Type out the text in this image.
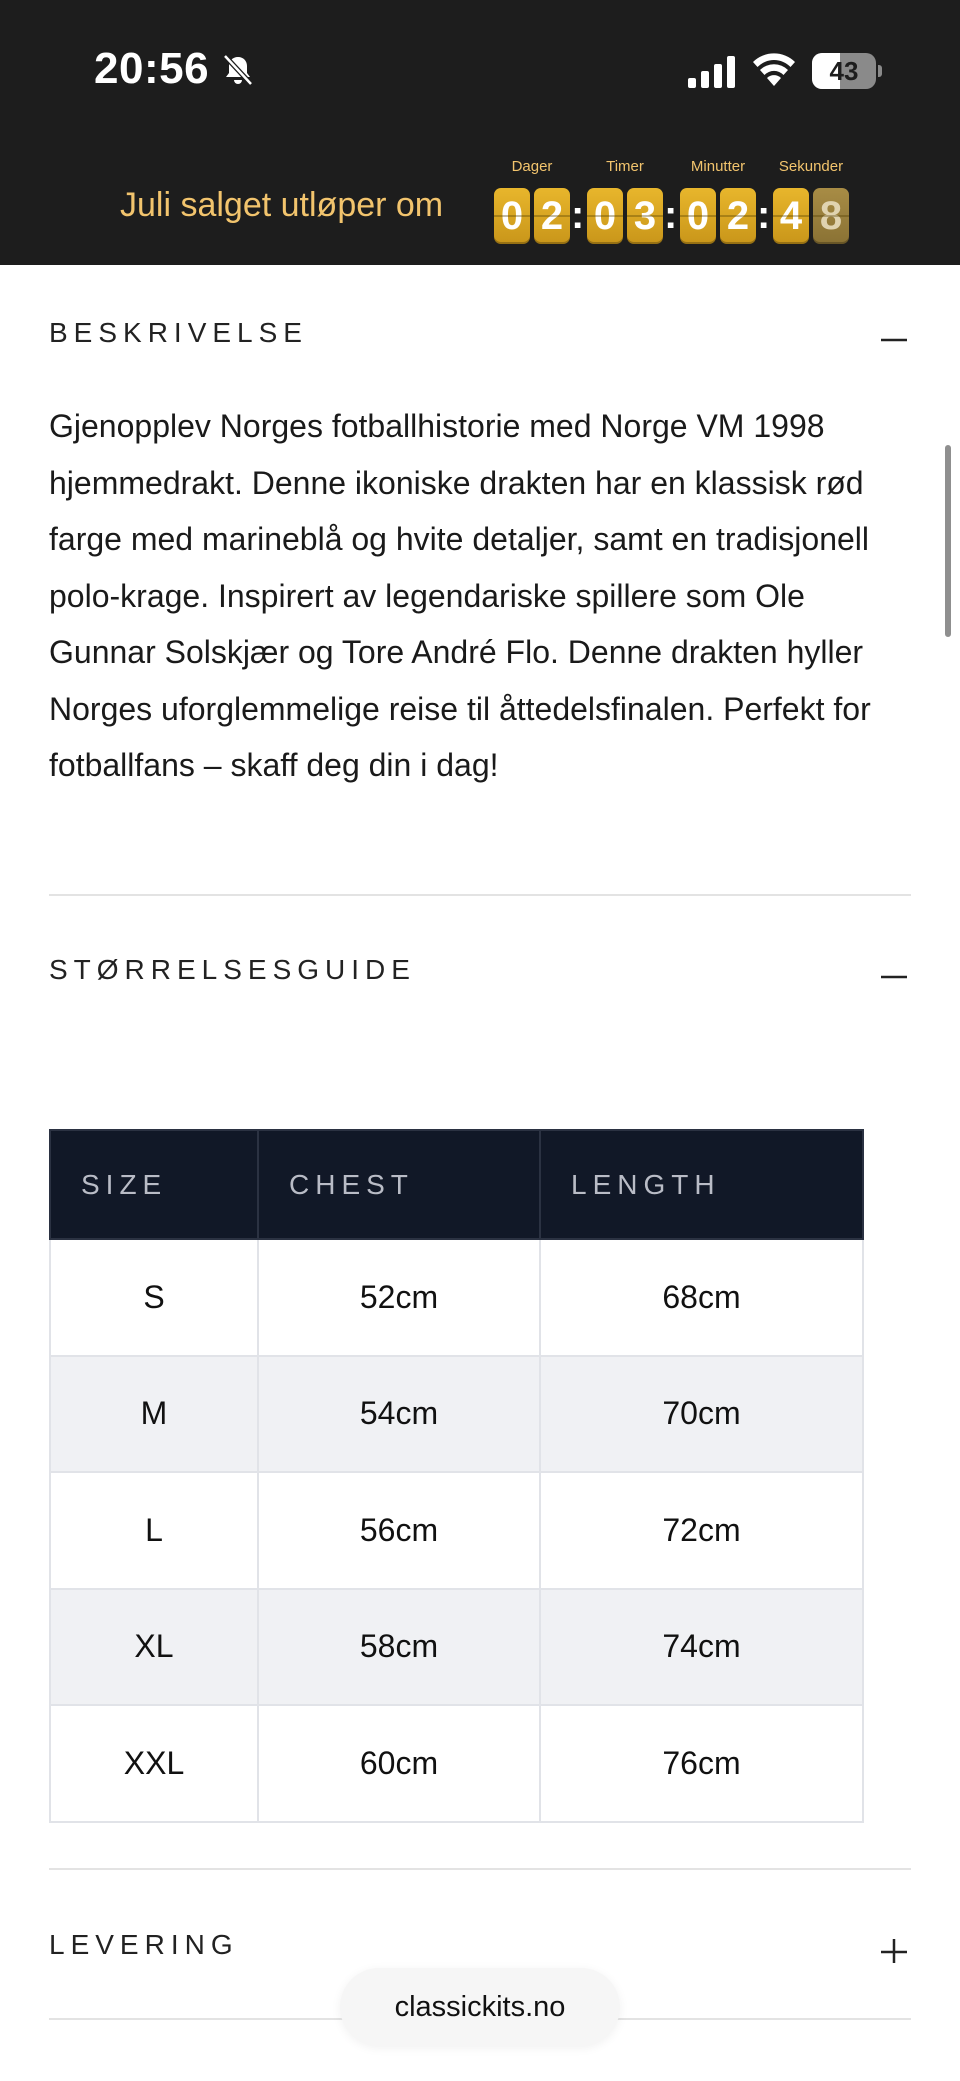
20:56	43
Juli salget utløper om
Dager
0 2 :
Timer
0 3 :
Minutter
0 2 :
Sekunder
4 8
BESKRIVELSE

Gjenopplev Norges fotballhistorie med Norge VM 1998 hjemmedrakt. Denne ikoniske drakten har en klassisk rød farge med marineblå og hvite detaljer, samt en tradisjonell polo-krage. Inspirert av legendariske spillere som Ole Gunnar Solskjær og Tore André Flo. Denne drakten hyller Norges uforglemmelige reise til åttedelsfinalen. Perfekt for fotballfans – skaff deg din i dag!

STØRRELSESGUIDE
SIZE	CHEST	LENGTH
S	52cm	68cm
M	54cm	70cm
L	56cm	72cm
XL	58cm	74cm
XXL	60cm	76cm
LEVERING
classickits.no
